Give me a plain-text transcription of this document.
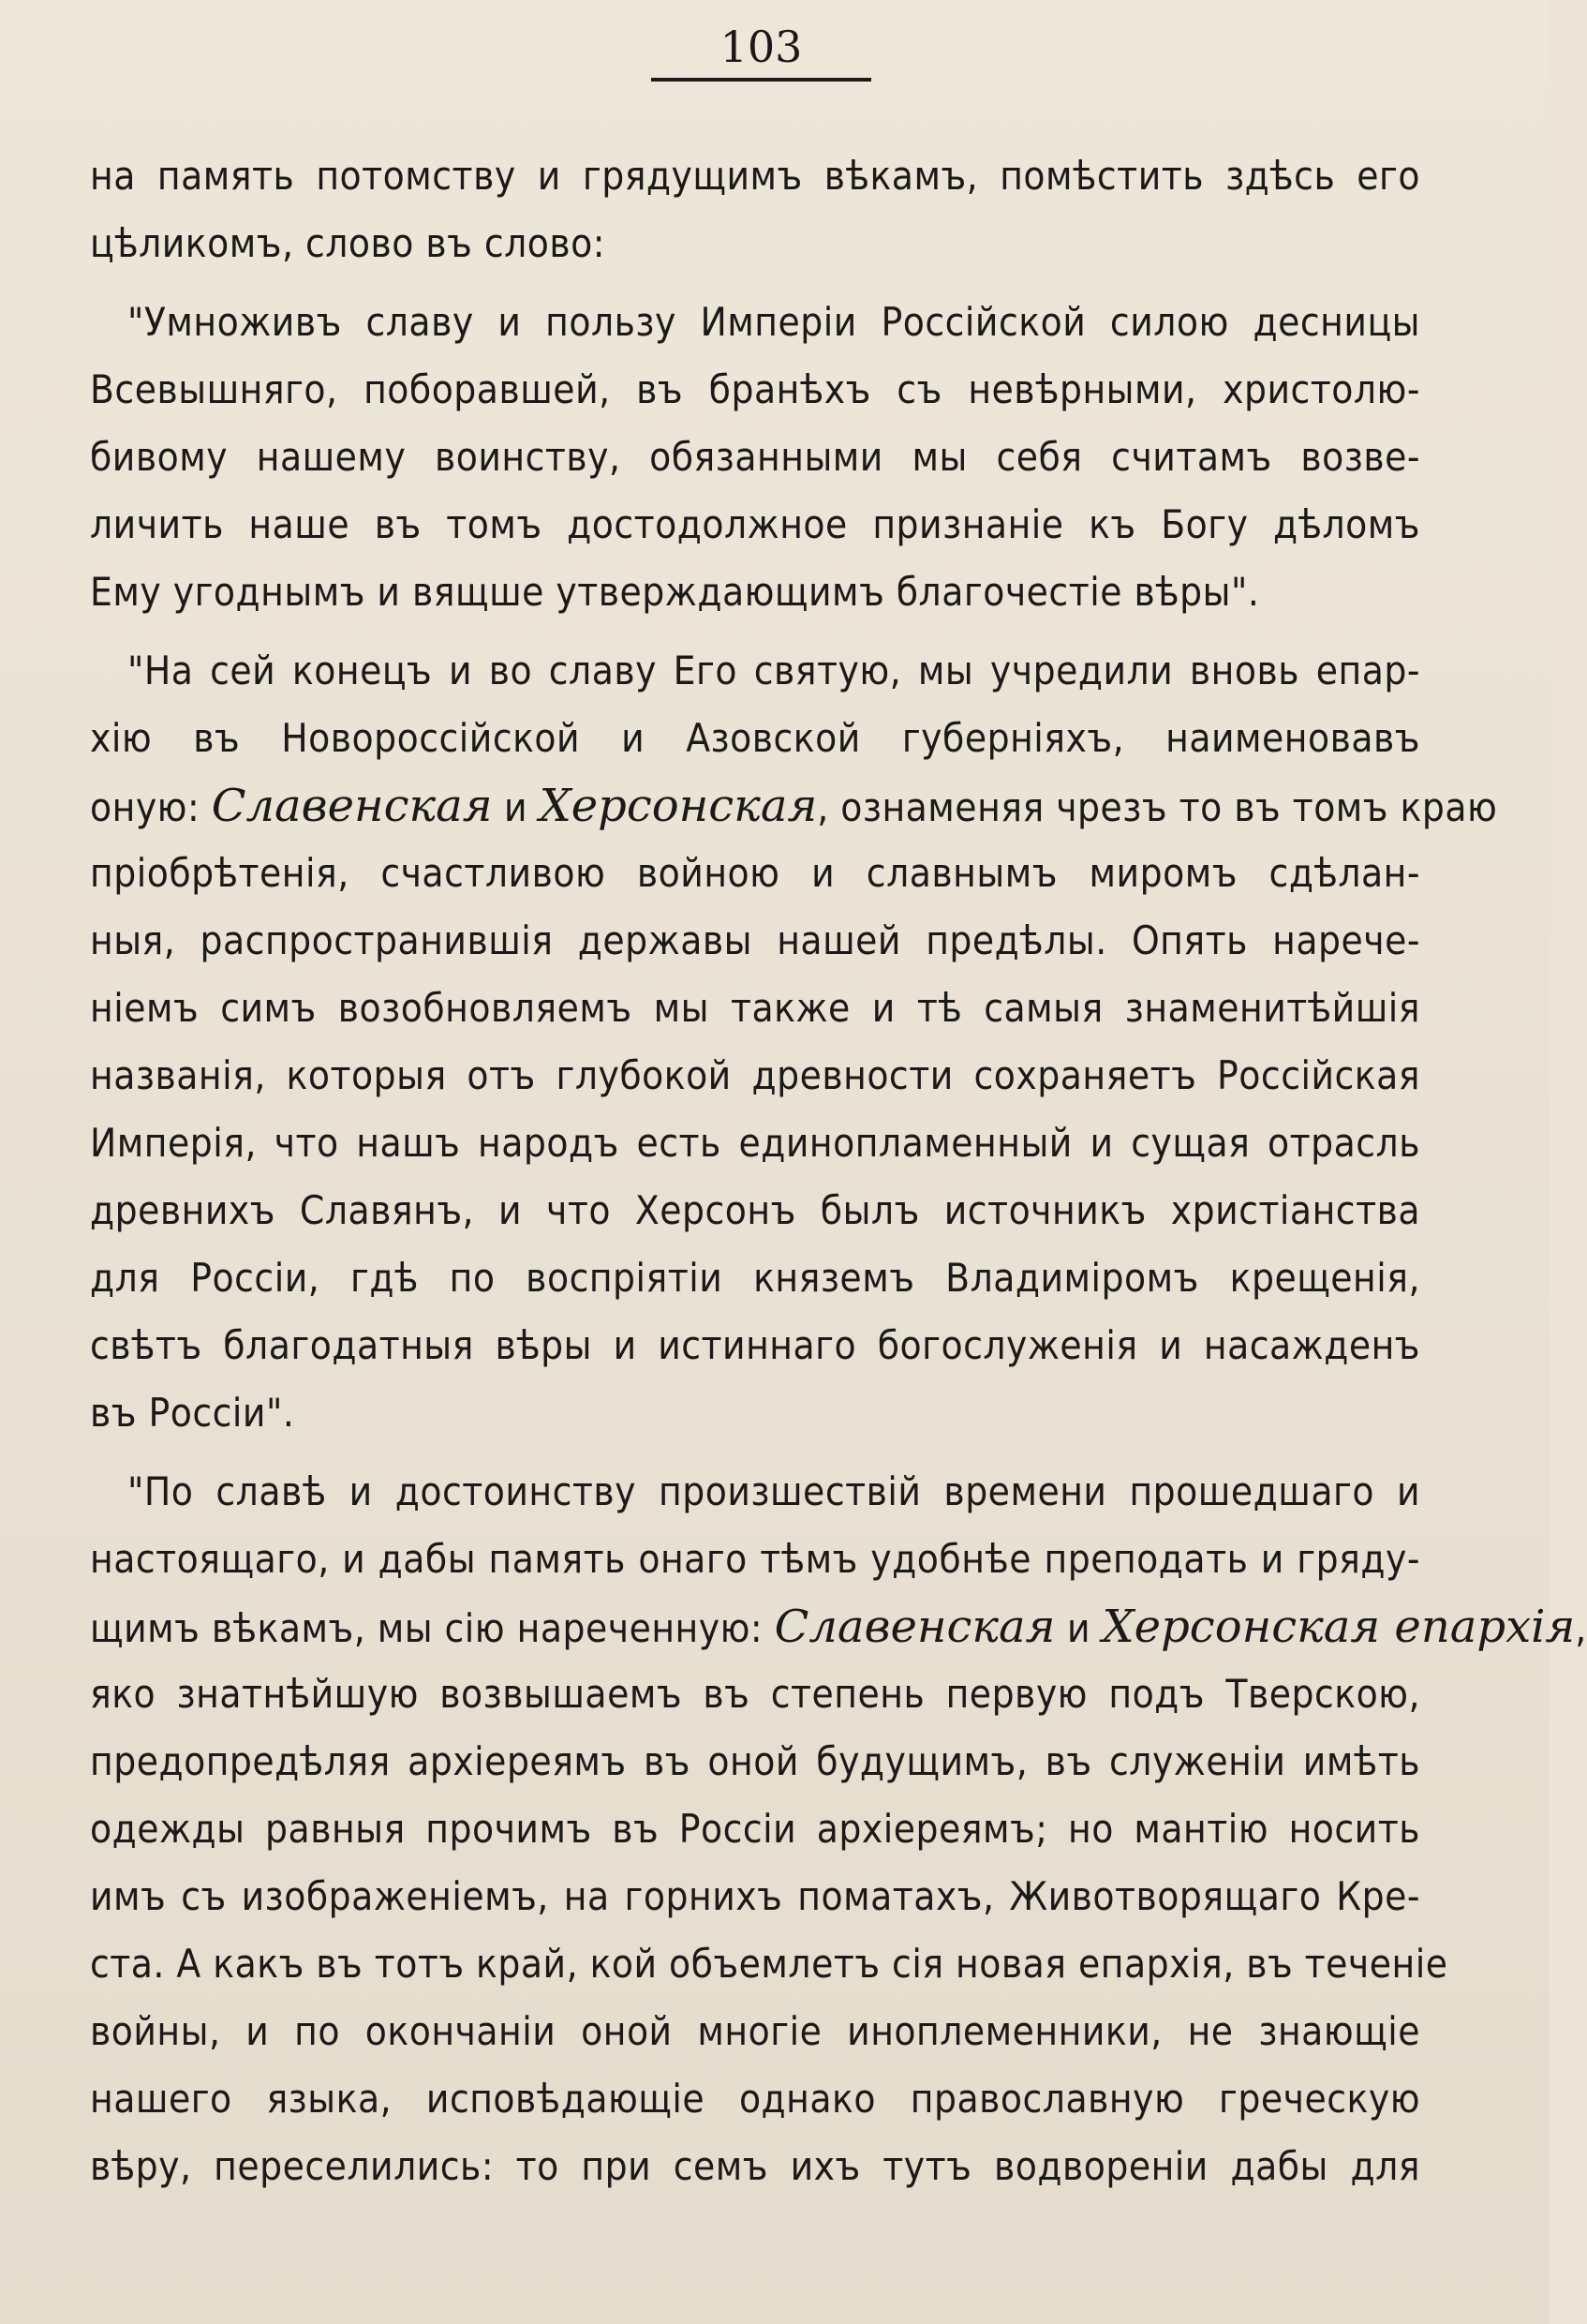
103
на память потомству и грядущимъ вѣкамъ, помѣстить здѣсь его
цѣликомъ, слово въ слово:
"Умноживъ славу и пользу Имперіи Россійской силою десницы
Всевышняго, поборавшей, въ бранѣхъ съ невѣрными, христолю-
бивому нашему воинству, обязанными мы себя считамъ возве-
личить наше въ томъ достодолжное признаніе къ Богу дѣломъ
Ему угоднымъ и вящше утверждающимъ благочестіе вѣры".
"На сей конецъ и во славу Его святую, мы учредили вновь епар-
хію въ Новороссійской и Азовской губерніяхъ, наименовавъ
оную: Славенская и Херсонская, ознаменяя чрезъ то въ томъ краю
пріобрѣтенія, счастливою войною и славнымъ миромъ сдѣлан-
ныя, распространившія державы нашей предѣлы. Опять нарече-
ніемъ симъ возобновляемъ мы также и тѣ самыя знаменитѣйшія
названія, которыя отъ глубокой древности сохраняетъ Россійская
Имперія, что нашъ народъ есть единопламенный и сущая отрасль
древнихъ Славянъ, и что Херсонъ былъ источникъ христіанства
для Россіи, гдѣ по воспріятіи княземъ Владиміромъ крещенія,
свѣтъ благодатныя вѣры и истиннаго богослуженія и насажденъ
въ Россіи".
"По славѣ и достоинству произшествій времени прошедшаго и
настоящаго, и дабы память онаго тѣмъ удобнѣе преподать и гряду-
щимъ вѣкамъ, мы сію нареченную: Славенская и Херсонская епархія,
яко знатнѣйшую возвышаемъ въ степень первую подъ Тверскою,
предопредѣляя архіереямъ въ оной будущимъ, въ служеніи имѣть
одежды равныя прочимъ въ Россіи архіереямъ; но мантію носить
имъ съ изображеніемъ, на горнихъ поматахъ, Животворящаго Кре-
ста. А какъ въ тотъ край, кой объемлетъ сія новая епархія, въ теченіе
войны, и по окончаніи оной многіе иноплеменники, не знающіе
нашего языка, исповѣдающіе однако православную греческую
вѣру, переселились: то при семъ ихъ тутъ водвореніи дабы для
